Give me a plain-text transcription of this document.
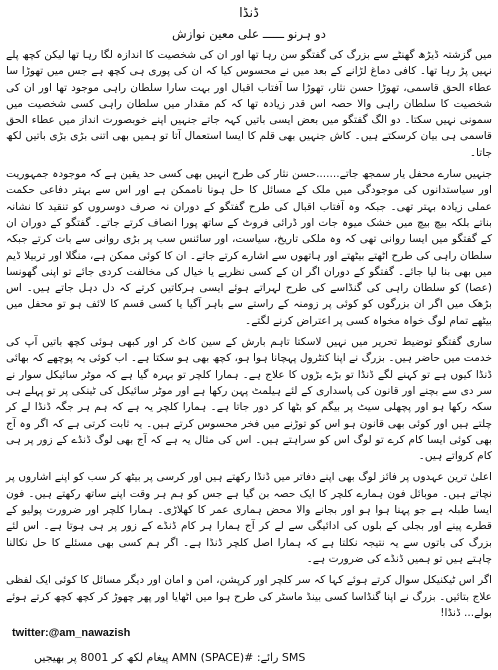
ڈنڈا
دو ہرنو ــــــ علی معین نوازش

میں گزشتہ ڈیڑھ گھنٹے سے بزرگ کی گفتگو سن رہا تھا اور ان کی شخصیت کا اندازہ لگا رہا تھا لیکن کچھ پلے نہیں پڑ رہا تھا۔ کافی دماغ لڑانے کے بعد میں نے محسوس کیا کہ ان کی پوری ہی کچھ ہے جس میں تھوڑا سا عطاء الحق قاسمی، تھوڑا حسن نثار، تھوڑا سا آفتاب اقبال اور بہت سارا سلطان راہی موجود تھا اور ان کی شخصیت کا سلطان راہی والا حصہ اس قدر زیادہ تھا کہ کم مقدار میں سلطان راہی کسی شخصیت میں سمونی نہیں سکتا۔ دو الگ گفتگو میں بعض ایسی باتیں کہہ جاتے جنہیں اپنے خوبصورت انداز میں عطاء الحق قاسمی ہی بیان کرسکتے ہیں۔ کاش جنہیں بھی قلم کا ایسا استعمال آتا تو ہمیں بھی اتنی بڑی بڑی باتیں لکھ جاتا۔

جنہیں سارے محفل یار سمجھ جاتے.......حسن نثار کی طرح انہیں بھی کسی حد یقین ہے کہ موجودہ جمہوریت اور سیاستدانوں کی موجودگی میں ملک کے مسائل کا حل ہونا ناممکن ہے اور اس سے بہتر دفاعی حکمت عملی زیادہ بہتر تھی۔ جبکہ وہ آفتاب اقبال کی طرح گفتگو کے دوران نہ صرف دوسروں کو تنقید کا نشانہ بناتے بلکہ بیچ بیچ میں خشک میوہ جات اور ڈرائی فروٹ کے ساتھ پورا انصاف کرتے جاتے۔ گفتگو کے دوران ان کے گفتگو میں ایسا روانی تھی کہ وہ ملکی تاریخ، سیاست، اور سائنس سب پر بڑی روانی سے بات کرتے جبکہ سلطان راہی کی طرح اٹھتے بیٹھتے اور ہاتھوں سے اشارے کرتے جاتے۔ ان کا کوئی ممکن ہے، منگلا اور تربیلا ڈیم میں بھی بنا لیا جائے۔ گفتگو کے دوران اگر ان کے کسی نظریے یا خیال کی مخالفت کردی جائے تو اپنی گھونسا (عصا) کو سلطان راہی کی گنڈاسے کی طرح لہراتے ہوئے ایسی ہرکاتیں کرتے کہ دل دہل جاتے ہیں۔ اس بڑھک میں اگر ان بزرگوں کو کوئی پر زومنہ کے راستے سے باہر آگیا یا کسی قسم کا لائف ہو تو محفل میں بیٹھے تمام لوگ خواہ مخواہ کسی پر اعتراض کرنے لگتے۔

ساری گفتگو توضیط تحریر میں نہیں لاسکتا تاہم بارش کے سین کاٹ کر اور کبھی ہوئی کچھ باتیں آپ کی خدمت میں حاضر ہیں۔ بزرگ نے اپنا کنٹرول پہچانا ہوا ہو، کچھ بھی ہو سکتا ہے۔ اب کوئی یہ پوچھے کہ بھائی ڈنڈا کیوں ہے تو کہنے لگے ڈنڈا تو بڑے بڑوں کا علاج ہے۔ ہمارا کلچر تو بہرہ گیا ہے کہ موٹر سائیکل سوار نے سر دی سے بچنے اور قانون کی پاسداری کے لئے ہیلمٹ پہن رکھا ہے اور موٹر سائیکل کی ٹینکی پر تو پہلے ہی سکہ رکھا ہو اور پچھلی سیٹ پر بیگم کو بٹھا کر دور جاتا ہے۔ ہمارا کلچر یہ ہے کہ ہم ہر جگہ ڈنڈا لے کر چلتے ہیں اور کوئی بھی قانون ہو اس کو توڑنے میں فخر محسوس کرتے ہیں۔ یہ ثابت کرتی ہے کہ اگر وہ آج بھی کوئی ایسا کام کرے تو لوگ اس کو سراہتے ہیں۔ اس کی مثال یہ ہے کہ آج بھی لوگ ڈنڈے کے زور پر ہی کام کرواتے ہیں۔

اعلیٰ ترین عہدوں پر فائز لوگ بھی اپنے دفاتر میں ڈنڈا رکھتے ہیں اور کرسی پر بیٹھ کر سب کو اپنے اشاروں پر نچاتے ہیں۔ موبائل فون ہمارے کلچر کا ایک حصہ بن گیا ہے جس کو ہم ہر وقت اپنے ساتھ رکھتے ہیں۔ فون ایسا طبلہ ہے جو پہنا ہوا ہو اور بجانے والا محض ہماری عمر کا کھلاڑی۔ ہمارا کلچر اور ضرورت پولیو کے قطرے پینے اور بجلی کے بلوں کی ادائیگی سے لے کر آج ہمارا ہر کام ڈنڈے کے زور پر ہی ہوتا ہے۔ اس لئے بزرگ کی باتوں سے یہ نتیجہ نکلتا ہے کہ ہمارا اصل کلچر ڈنڈا ہے۔ اگر ہم کسی بھی مسئلے کا حل نکالنا چاہتے ہیں تو ہمیں ڈنڈے کی ضرورت ہے۔

اگر اس ٹیکنیکل سوال کرتے ہوئے کہا کہ سر کلچر اور کرپشن، امن و امان اور دیگر مسائل کا کوئی ایک لفظی علاج بتائیں۔ بزرگ نے اپنا گنڈاسا کسی بینڈ ماسٹر کی طرح ہوا میں اٹھایا اور پھر چھوڑ کر کچھ کچھ کرتے ہوئے بولے... ڈنڈا!

twitter:@am_nawazish
SMS رائے: #AMN (SPACE) پیغام لکھ کر 8001 پر بھیجیں
